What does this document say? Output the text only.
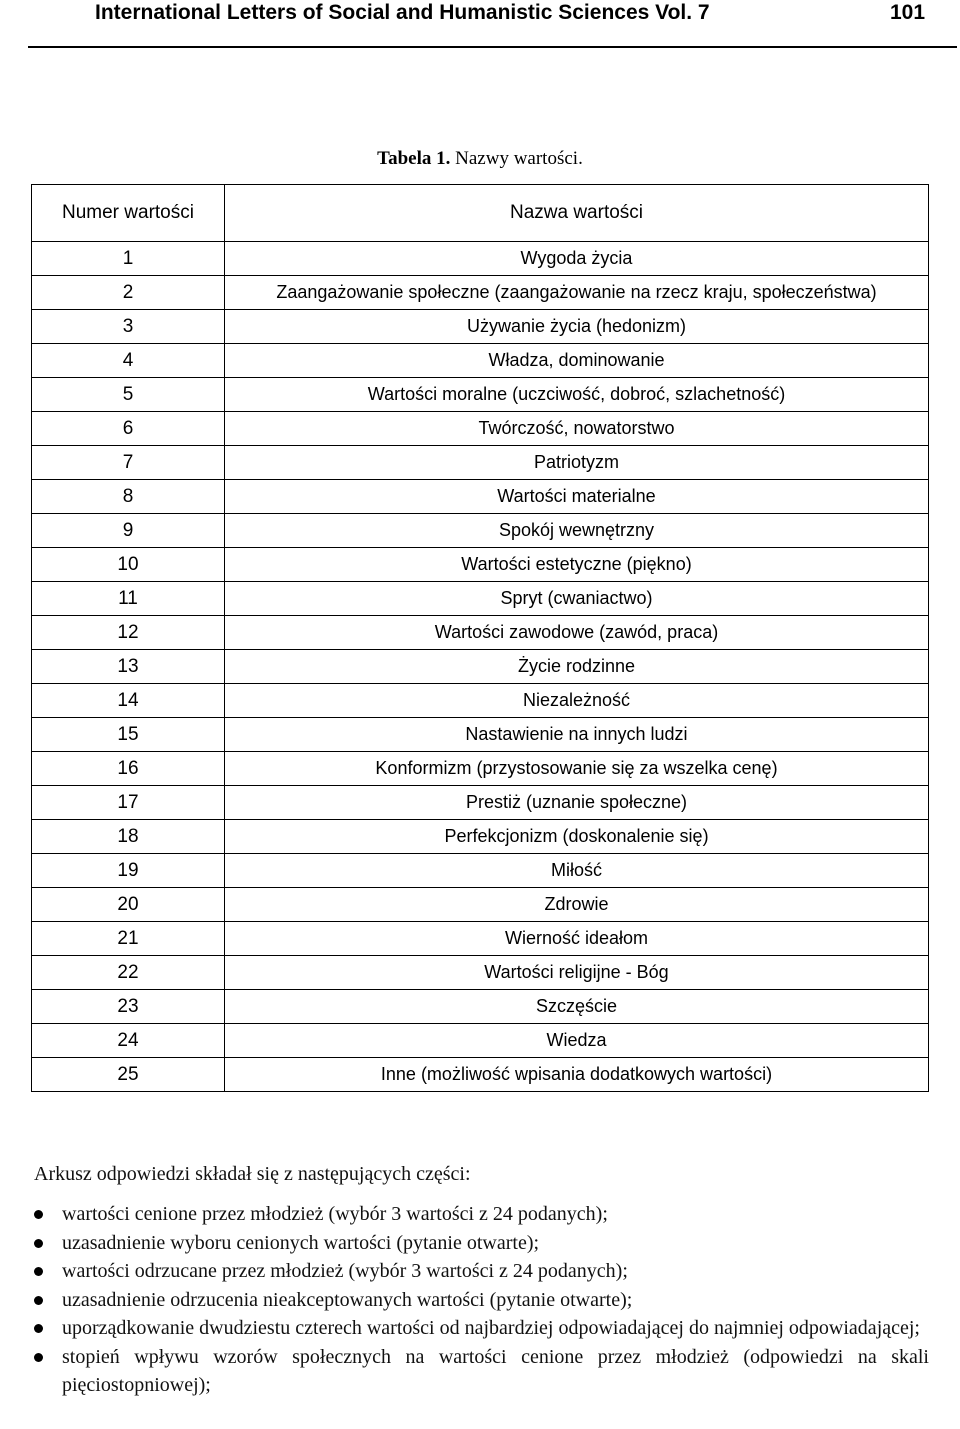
International Letters of Social and Humanistic Sciences Vol. 7	101
Tabela 1. Nazwy wartości.
Numer wartości	Nazwa wartości
1	Wygoda życia
2	Zaangażowanie społeczne (zaangażowanie na rzecz kraju, społeczeństwa)
3	Używanie życia (hedonizm)
4	Władza, dominowanie
5	Wartości moralne (uczciwość, dobroć, szlachetność)
6	Twórczość, nowatorstwo
7	Patriotyzm
8	Wartości materialne
9	Spokój wewnętrzny
10	Wartości estetyczne (piękno)
11	Spryt (cwaniactwo)
12	Wartości zawodowe (zawód, praca)
13	Życie rodzinne
14	Niezależność
15	Nastawienie na innych ludzi
16	Konformizm (przystosowanie się za wszelka cenę)
17	Prestiż (uznanie społeczne)
18	Perfekcjonizm (doskonalenie się)
19	Miłość
20	Zdrowie
21	Wierność ideałom
22	Wartości religijne - Bóg
23	Szczęście
24	Wiedza
25	Inne (możliwość wpisania dodatkowych wartości)
Arkusz odpowiedzi składał się z następujących części:
wartości cenione przez młodzież (wybór 3 wartości z 24 podanych);
uzasadnienie wyboru cenionych wartości (pytanie otwarte);
wartości odrzucane przez młodzież (wybór 3 wartości z 24 podanych);
uzasadnienie odrzucenia nieakceptowanych wartości (pytanie otwarte);
uporządkowanie dwudziestu czterech wartości od najbardziej odpowiadającej do najmniej odpowiadającej;
stopień wpływu wzorów społecznych na wartości cenione przez młodzież (odpowiedzi na skali pięciostopniowej);
